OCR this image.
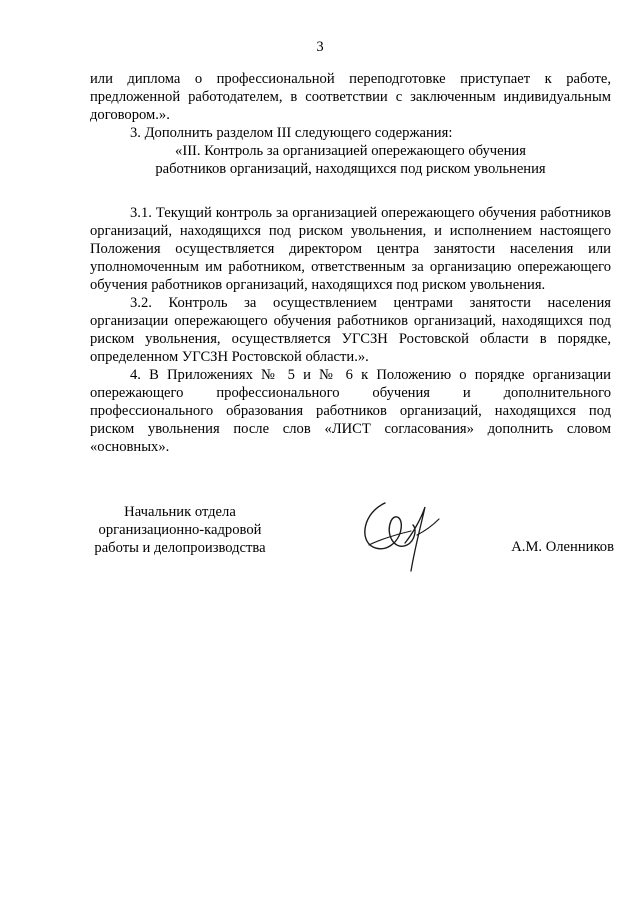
3

или диплома о профессиональной переподготовке приступает к работе, предложенной работодателем, в соответствии с заключенным индивидуальным договором.».

3. Дополнить разделом III следующего содержания:

«III. Контроль за организацией опережающего обучения

работников организаций, находящихся под риском увольнения

3.1. Текущий контроль за организацией опережающего обучения работников организаций, находящихся под риском увольнения, и исполнением настоящего Положения осуществляется директором центра занятости населения или уполномоченным им работником, ответственным за организацию опережающего обучения работников организаций, находящихся под риском увольнения.

3.2. Контроль за осуществлением центрами занятости населения организации опережающего обучения работников организаций, находящихся под риском увольнения, осуществляется УГСЗН Ростовской области в порядке, определенном УГСЗН Ростовской области.».

4. В Приложениях № 5 и № 6 к Положению о порядке организации опережающего профессионального обучения и дополнительного профессионального образования работников организаций, находящихся под риском увольнения после слов «ЛИСТ согласования» дополнить словом «основных».

Начальник отдела
организационно-кадровой
работы и делопроизводства	А.М. Оленников
